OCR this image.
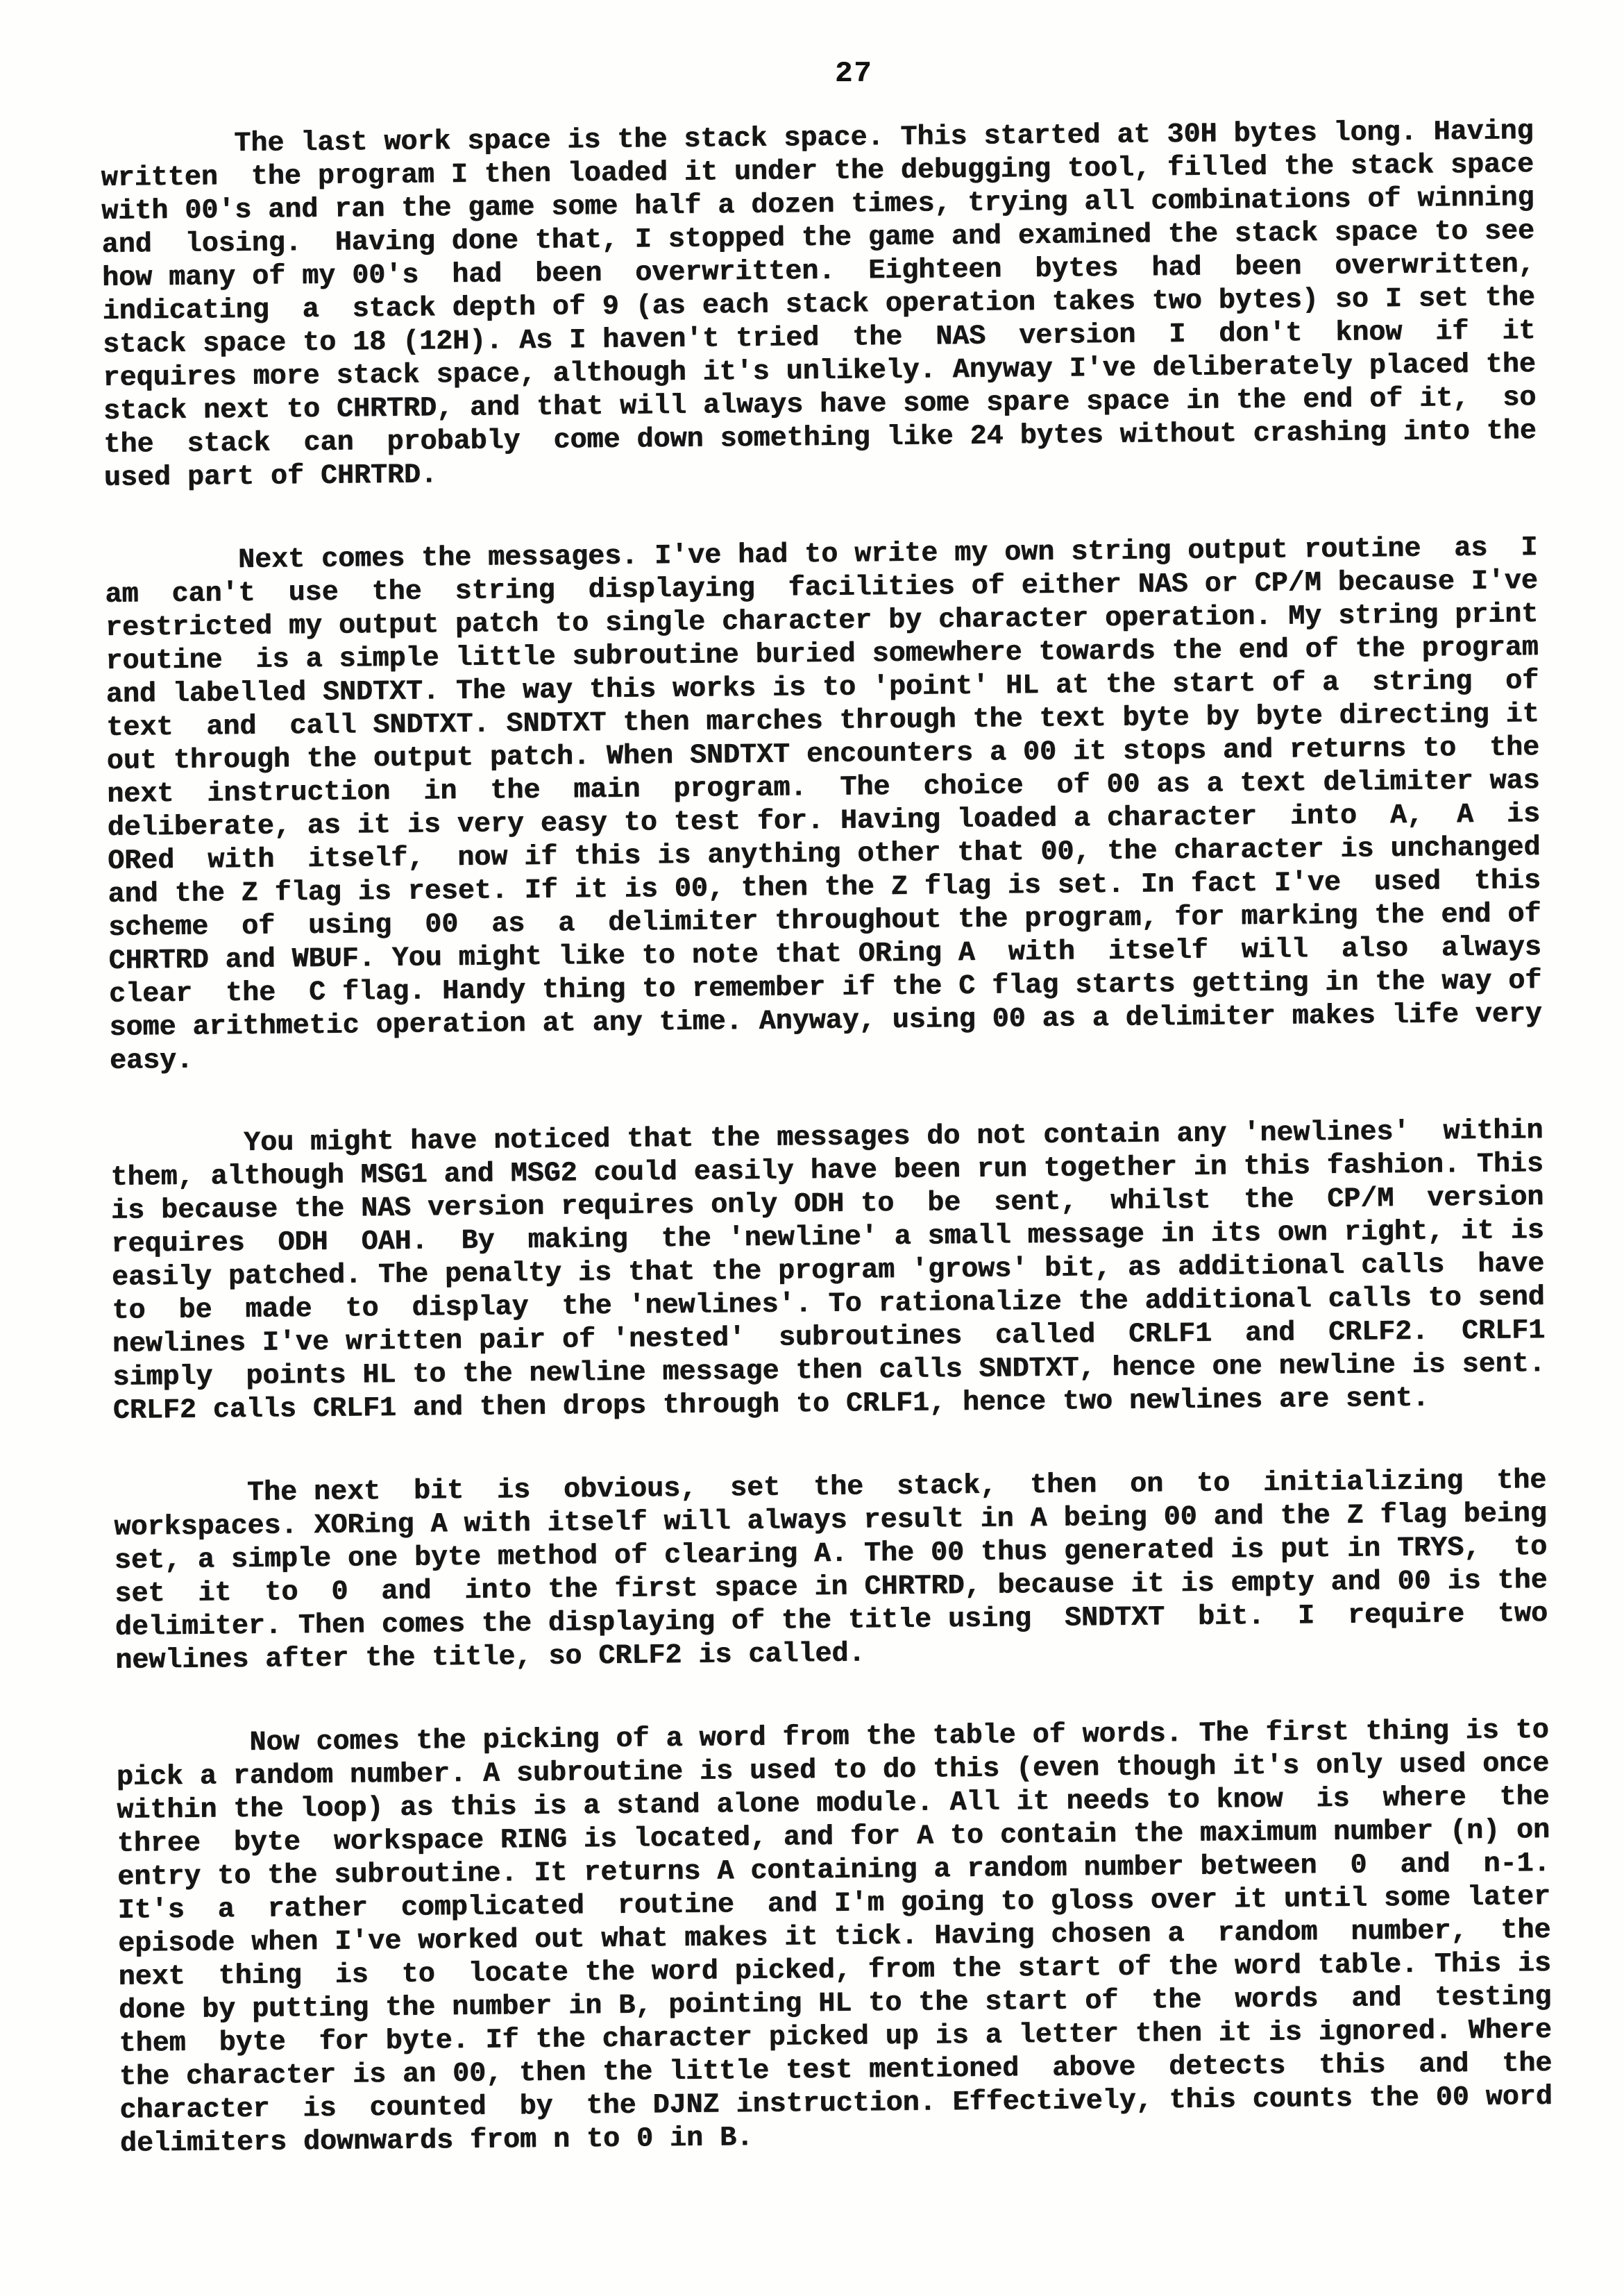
27
The last work space is the stack space. This started at 30H bytes long. Having
written  the program I then loaded it under the debugging tool, filled the stack space
with 00's and ran the game some half a dozen times, trying all combinations of winning
and  losing.  Having done that, I stopped the game and examined the stack space to see
how many of my 00's  had  been  overwritten.  Eighteen  bytes  had  been  overwritten,
indicating  a  stack depth of 9 (as each stack operation takes two bytes) so I set the
stack space to 18 (12H). As I haven't tried  the  NAS  version  I  don't  know  if  it
requires more stack space, although it's unlikely. Anyway I've deliberately placed the
stack next to CHRTRD, and that will always have some spare space in the end of it,  so
the  stack  can  probably  come down something like 24 bytes without crashing into the
used part of CHRTRD.
Next comes the messages. I've had to write my own string output routine  as  I
am  can't  use  the  string  displaying  facilities of either NAS or CP/M because I've
restricted my output patch to single character by character operation. My string print
routine  is a simple little subroutine buried somewhere towards the end of the program
and labelled SNDTXT. The way this works is to 'point' HL at the start of a  string  of
text  and  call SNDTXT. SNDTXT then marches through the text byte by byte directing it
out through the output patch. When SNDTXT encounters a 00 it stops and returns to  the
next  instruction  in  the  main  program.  The  choice  of 00 as a text delimiter was
deliberate, as it is very easy to test for. Having loaded a character  into  A,  A  is
ORed  with  itself,  now if this is anything other that 00, the character is unchanged
and the Z flag is reset. If it is 00, then the Z flag is set. In fact I've  used  this
scheme  of  using  00  as  a  delimiter throughout the program, for marking the end of
CHRTRD and WBUF. You might like to note that ORing A  with  itself  will  also  always
clear  the  C flag. Handy thing to remember if the C flag starts getting in the way of
some arithmetic operation at any time. Anyway, using 00 as a delimiter makes life very
easy.
You might have noticed that the messages do not contain any 'newlines'  within
them, although MSG1 and MSG2 could easily have been run together in this fashion. This
is because the NAS version requires only ODH to  be  sent,  whilst  the  CP/M  version
requires  ODH  OAH.  By  making  the 'newline' a small message in its own right, it is
easily patched. The penalty is that the program 'grows' bit, as additional calls  have
to  be  made  to  display  the 'newlines'. To rationalize the additional calls to send
newlines I've written pair of 'nested'  subroutines  called  CRLF1  and  CRLF2.  CRLF1
simply  points HL to the newline message then calls SNDTXT, hence one newline is sent.
CRLF2 calls CRLF1 and then drops through to CRLF1, hence two newlines are sent.
The next  bit  is  obvious,  set  the  stack,  then  on  to  initializing  the
workspaces. XORing A with itself will always result in A being 00 and the Z flag being
set, a simple one byte method of clearing A. The 00 thus generated is put in TRYS,  to
set  it  to  0  and  into the first space in CHRTRD, because it is empty and 00 is the
delimiter. Then comes the displaying of the title using  SNDTXT  bit.  I  require  two
newlines after the title, so CRLF2 is called.
Now comes the picking of a word from the table of words. The first thing is to
pick a random number. A subroutine is used to do this (even though it's only used once
within the loop) as this is a stand alone module. All it needs to know  is  where  the
three  byte  workspace RING is located, and for A to contain the maximum number (n) on
entry to the subroutine. It returns A containing a random number between  0  and  n-1.
It's  a  rather  complicated  routine  and I'm going to gloss over it until some later
episode when I've worked out what makes it tick. Having chosen a  random  number,  the
next  thing  is  to  locate the word picked, from the start of the word table. This is
done by putting the number in B, pointing HL to the start of  the  words  and  testing
them  byte  for byte. If the character picked up is a letter then it is ignored. Where
the character is an 00, then the little test mentioned  above  detects  this  and  the
character  is  counted  by  the DJNZ instruction. Effectively, this counts the 00 word
delimiters downwards from n to 0 in B.
